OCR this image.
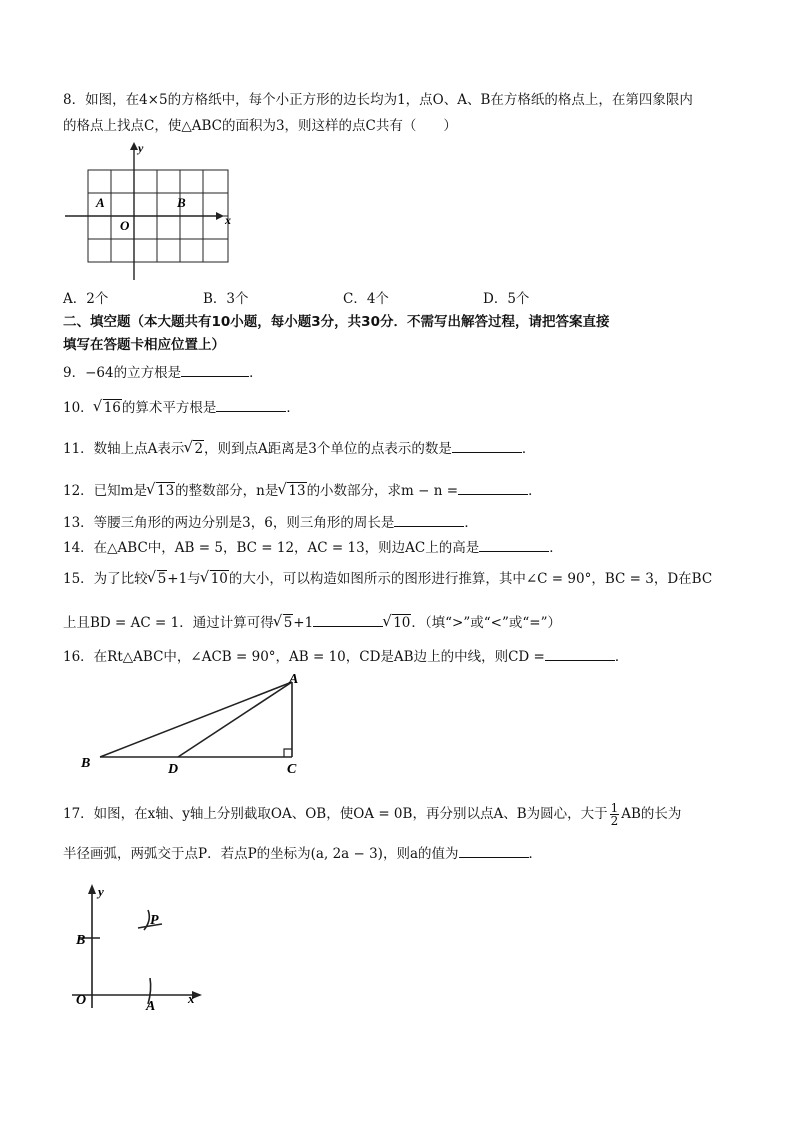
8．如图，在4×5的方格纸中，每个小正方形的边长均为1，点O、A、B在方格纸的格点上，在第四象限内
的格点上找点C，使△ABC的面积为3，则这样的点C共有（　　）
y
x
A	B
O
A．2个	B．3个	C．4个	D．5个
二、填空题（本大题共有10小题，每小题3分，共30分．不需写出解答过程，请把答案直接
填写在答题卡相应位置上）
9．−64的立方根是	．
10． √ 16的算术平方根是	．
11．数轴上点A表示 √ 2，则到点A距离是3个单位的点表示的数是	．
12．已知m是 √ 13的整数部分，n是 √ 13的小数部分，求m − n =	．
13．等腰三角形的两边分别是3，6，则三角形的周长是	．
14．在△ABC中，AB = 5，BC = 12，AC = 13，则边AC上的高是	．
15．为了比较 √ 5+1与 √ 10的大小，可以构造如图所示的图形进行推算，其中∠C = 90°，BC = 3，D在BC
上且BD = AC = 1．通过计算可得 √ 5+1	√ 10．（填“>”或“<”或“=”）
16．在Rt△ABC中，∠ACB = 90°，AB = 10，CD是AB边上的中线，则CD =	．
A
B	D	C
17．如图，在x轴、y轴上分别截取OA、OB，使OA = 0B，再分别以点A、B为圆心，大于 $\frac{1}{2}$ AB的长为
半径画弧，两弧交于点P．若点P的坐标为(a, 2a − 3)，则a的值为	．
y
x
B
P
O	A
